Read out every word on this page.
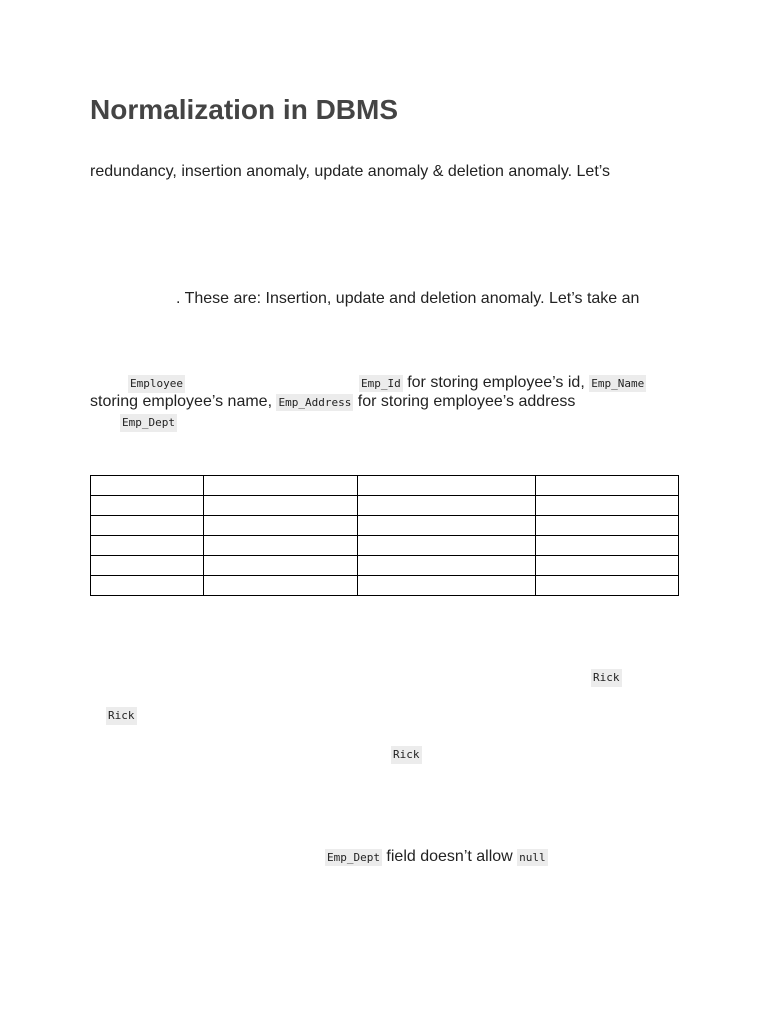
Normalization in DBMS
redundancy, insertion anomaly, update anomaly & deletion anomaly. Let’s
. These are: Insertion, update and deletion anomaly. Let’s take an
Employee	Emp_Id for storing employee’s id, Emp_Name
storing employee’s name, Emp_Address for storing employee’s address
Emp_Dept

Rick
Rick
Rick
Emp_Dept field doesn’t allow null
